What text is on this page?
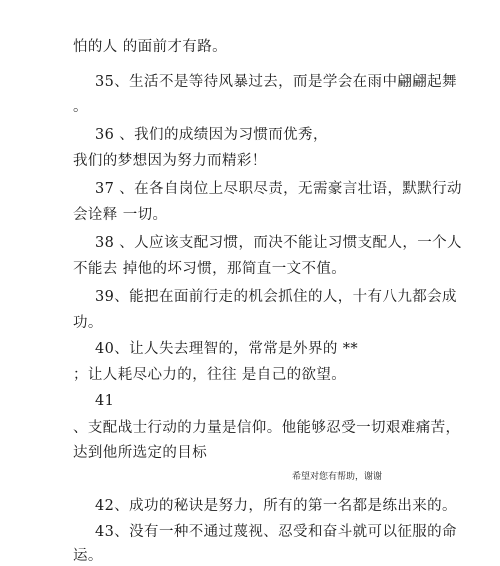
怕的人 的面前才有路。
35、生活不是等待风暴过去，而是学会在雨中翩翩起舞
。
36 、我们的成绩因为习惯而优秀，
我们的梦想因为努力而精彩！
37 、在各自岗位上尽职尽责，无需豪言壮语，默默行动
会诠释 一切。
38 、人应该支配习惯，而决不能让习惯支配人，一个人
不能去 掉他的坏习惯，那简直一文不值。
39、能把在面前行走的机会抓住的人，十有八九都会成
功。
40、让人失去理智的，常常是外界的 **
；让人耗尽心力的，往往 是自己的欲望。
41
、支配战士行动的力量是信仰。他能够忍受一切艰难痛苦，
达到他所选定的目标
希望对您有帮助，谢谢
42、成功的秘诀是努力，所有的第一名都是练出来的。
43、没有一种不通过蔑视、忍受和奋斗就可以征服的命
运。
